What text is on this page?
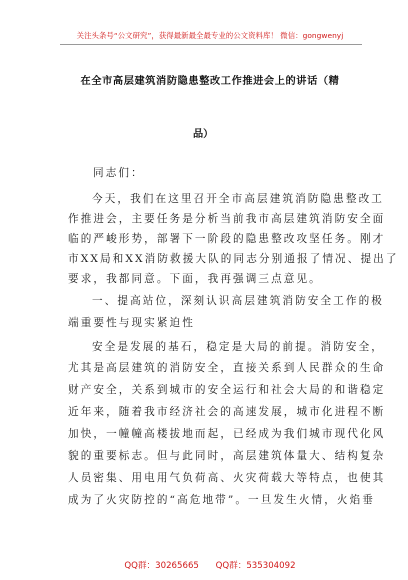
关注头条号“公文研究”，获得最新最全最专业的公文资料库！ 微信：gongwenyj
在全市高层建筑消防隐患整改工作推进会上的讲话（精
品）
同志们：
今天，我们在这里召开全市高层建筑消防隐患整改工
作推进会，主要任务是分析当前我市高层建筑消防安全面
临的严峻形势，部署下一阶段的隐患整改攻坚任务。刚才
市XX局和XX消防救援大队的同志分别通报了情况、提出了
要求，我都同意。下面，我再强调三点意见。
一、提高站位，深刻认识高层建筑消防安全工作的极
端重要性与现实紧迫性
安全是发展的基石，稳定是大局的前提。消防安全，
尤其是高层建筑的消防安全，直接关系到人民群众的生命
财产安全，关系到城市的安全运行和社会大局的和谐稳定
近年来，随着我市经济社会的高速发展，城市化进程不断
加快，一幢幢高楼拔地而起，已经成为我们城市现代化风
貌的重要标志。但与此同时，高层建筑体量大、结构复杂
人员密集、用电用气负荷高、火灾荷载大等特点，也使其
成为了火灾防控的“高危地带”。一旦发生火情，火焰垂
QQ群：30265665 QQ群：535304092
